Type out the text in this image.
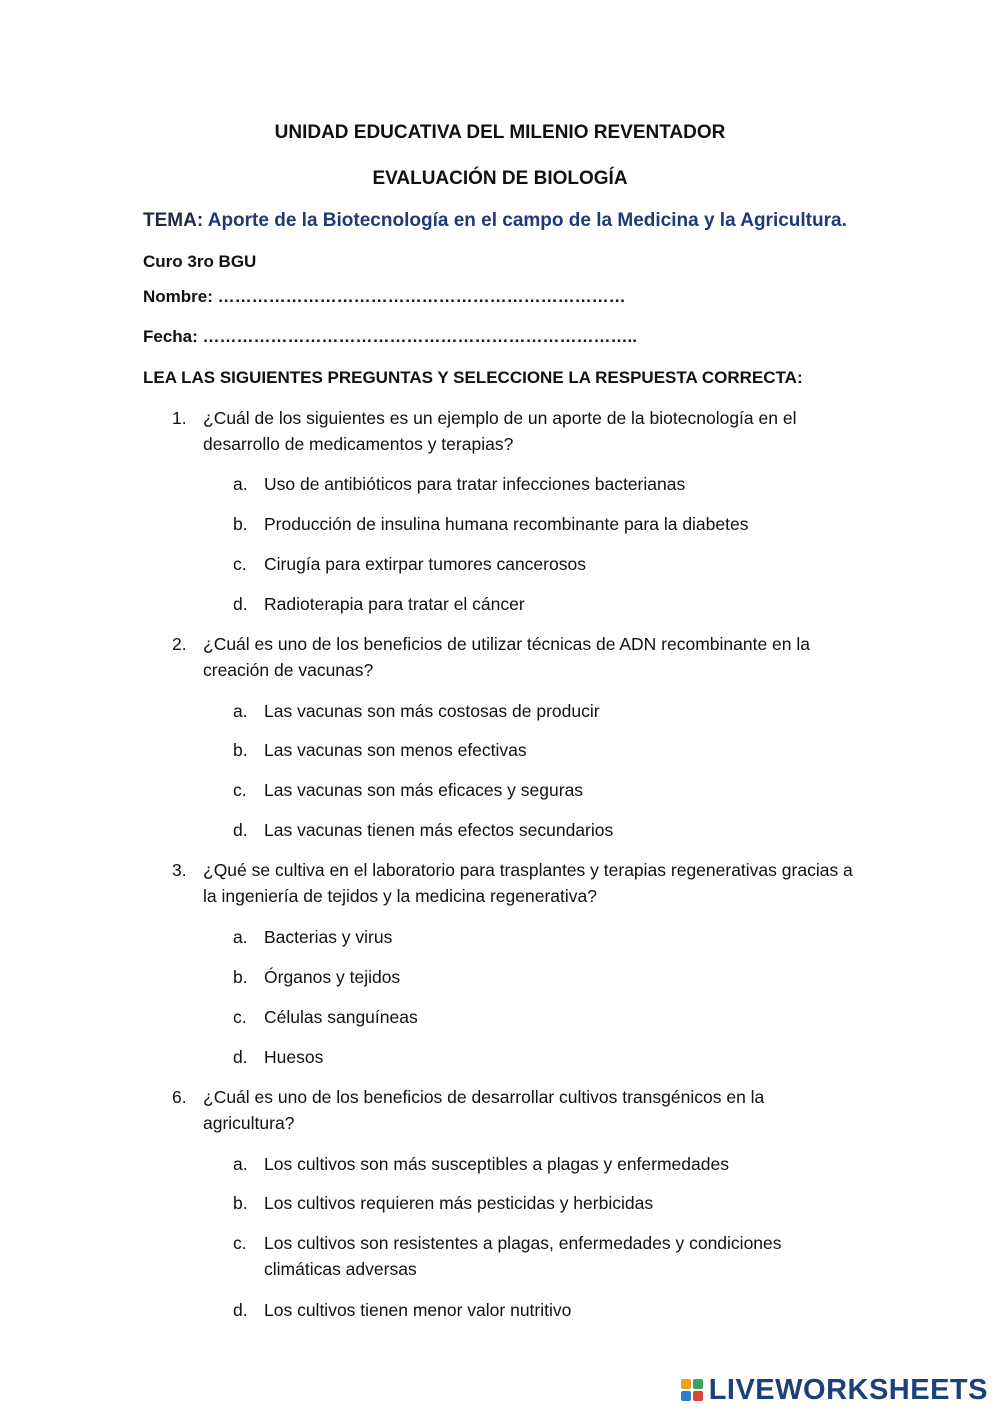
UNIDAD EDUCATIVA DEL MILENIO REVENTADOR
EVALUACIÓN DE BIOLOGÍA
TEMA: Aporte de la Biotecnología en el campo de la Medicina y la Agricultura.
Curo 3ro BGU
Nombre: ………………………………………………………………
Fecha: …………………………………………………………………..
LEA LAS SIGUIENTES PREGUNTAS Y SELECCIONE LA RESPUESTA CORRECTA:
1. ¿Cuál de los siguientes es un ejemplo de un aporte de la biotecnología en el desarrollo de medicamentos y terapias?
a. Uso de antibióticos para tratar infecciones bacterianas
b. Producción de insulina humana recombinante para la diabetes
c. Cirugía para extirpar tumores cancerosos
d. Radioterapia para tratar el cáncer
2. ¿Cuál es uno de los beneficios de utilizar técnicas de ADN recombinante en la creación de vacunas?
a. Las vacunas son más costosas de producir
b. Las vacunas son menos efectivas
c. Las vacunas son más eficaces y seguras
d. Las vacunas tienen más efectos secundarios
3. ¿Qué se cultiva en el laboratorio para trasplantes y terapias regenerativas gracias a la ingeniería de tejidos y la medicina regenerativa?
a. Bacterias y virus
b. Órganos y tejidos
c. Células sanguíneas
d. Huesos
6. ¿Cuál es uno de los beneficios de desarrollar cultivos transgénicos en la agricultura?
a. Los cultivos son más susceptibles a plagas y enfermedades
b. Los cultivos requieren más pesticidas y herbicidas
c. Los cultivos son resistentes a plagas, enfermedades y condiciones climáticas adversas
d. Los cultivos tienen menor valor nutritivo
LIVEWORKSHEETS
